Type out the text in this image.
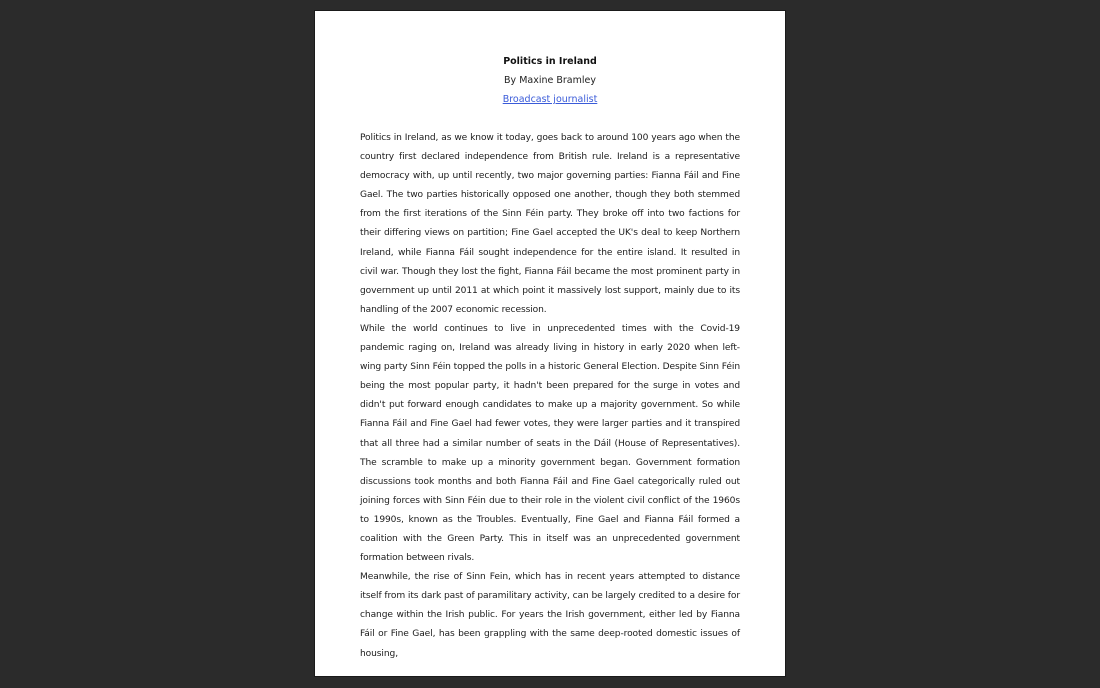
Politics in Ireland
By Maxine Bramley
Broadcast journalist

Politics in Ireland, as we know it today, goes back to around 100 years ago when the country first declared independence from British rule. Ireland is a representative democracy with, up until recently, two major governing parties: Fianna Fáil and Fine Gael. The two parties historically opposed one another, though they both stemmed from the first iterations of the Sinn Féin party. They broke off into two factions for their differing views on partition; Fine Gael accepted the UK's deal to keep Northern Ireland, while Fianna Fáil sought independence for the entire island. It resulted in civil war. Though they lost the fight, Fianna Fáil became the most prominent party in government up until 2011 at which point it massively lost support, mainly due to its handling of the 2007 economic recession.

While the world continues to live in unprecedented times with the Covid-19 pandemic raging on, Ireland was already living in history in early 2020 when left-wing party Sinn Féin topped the polls in a historic General Election. Despite Sinn Féin being the most popular party, it hadn't been prepared for the surge in votes and didn't put forward enough candidates to make up a majority government. So while Fianna Fáil and Fine Gael had fewer votes, they were larger parties and it transpired that all three had a similar number of seats in the Dáil (House of Representatives). The scramble to make up a minority government began. Government formation discussions took months and both Fianna Fáil and Fine Gael categorically ruled out joining forces with Sinn Féin due to their role in the violent civil conflict of the 1960s to 1990s, known as the Troubles. Eventually, Fine Gael and Fianna Fáil formed a coalition with the Green Party. This in itself was an unprecedented government formation between rivals.

Meanwhile, the rise of Sinn Fein, which has in recent years attempted to distance itself from its dark past of paramilitary activity, can be largely credited to a desire for change within the Irish public. For years the Irish government, either led by Fianna Fáil or Fine Gael, has been grappling with the same deep-rooted domestic issues of housing,
